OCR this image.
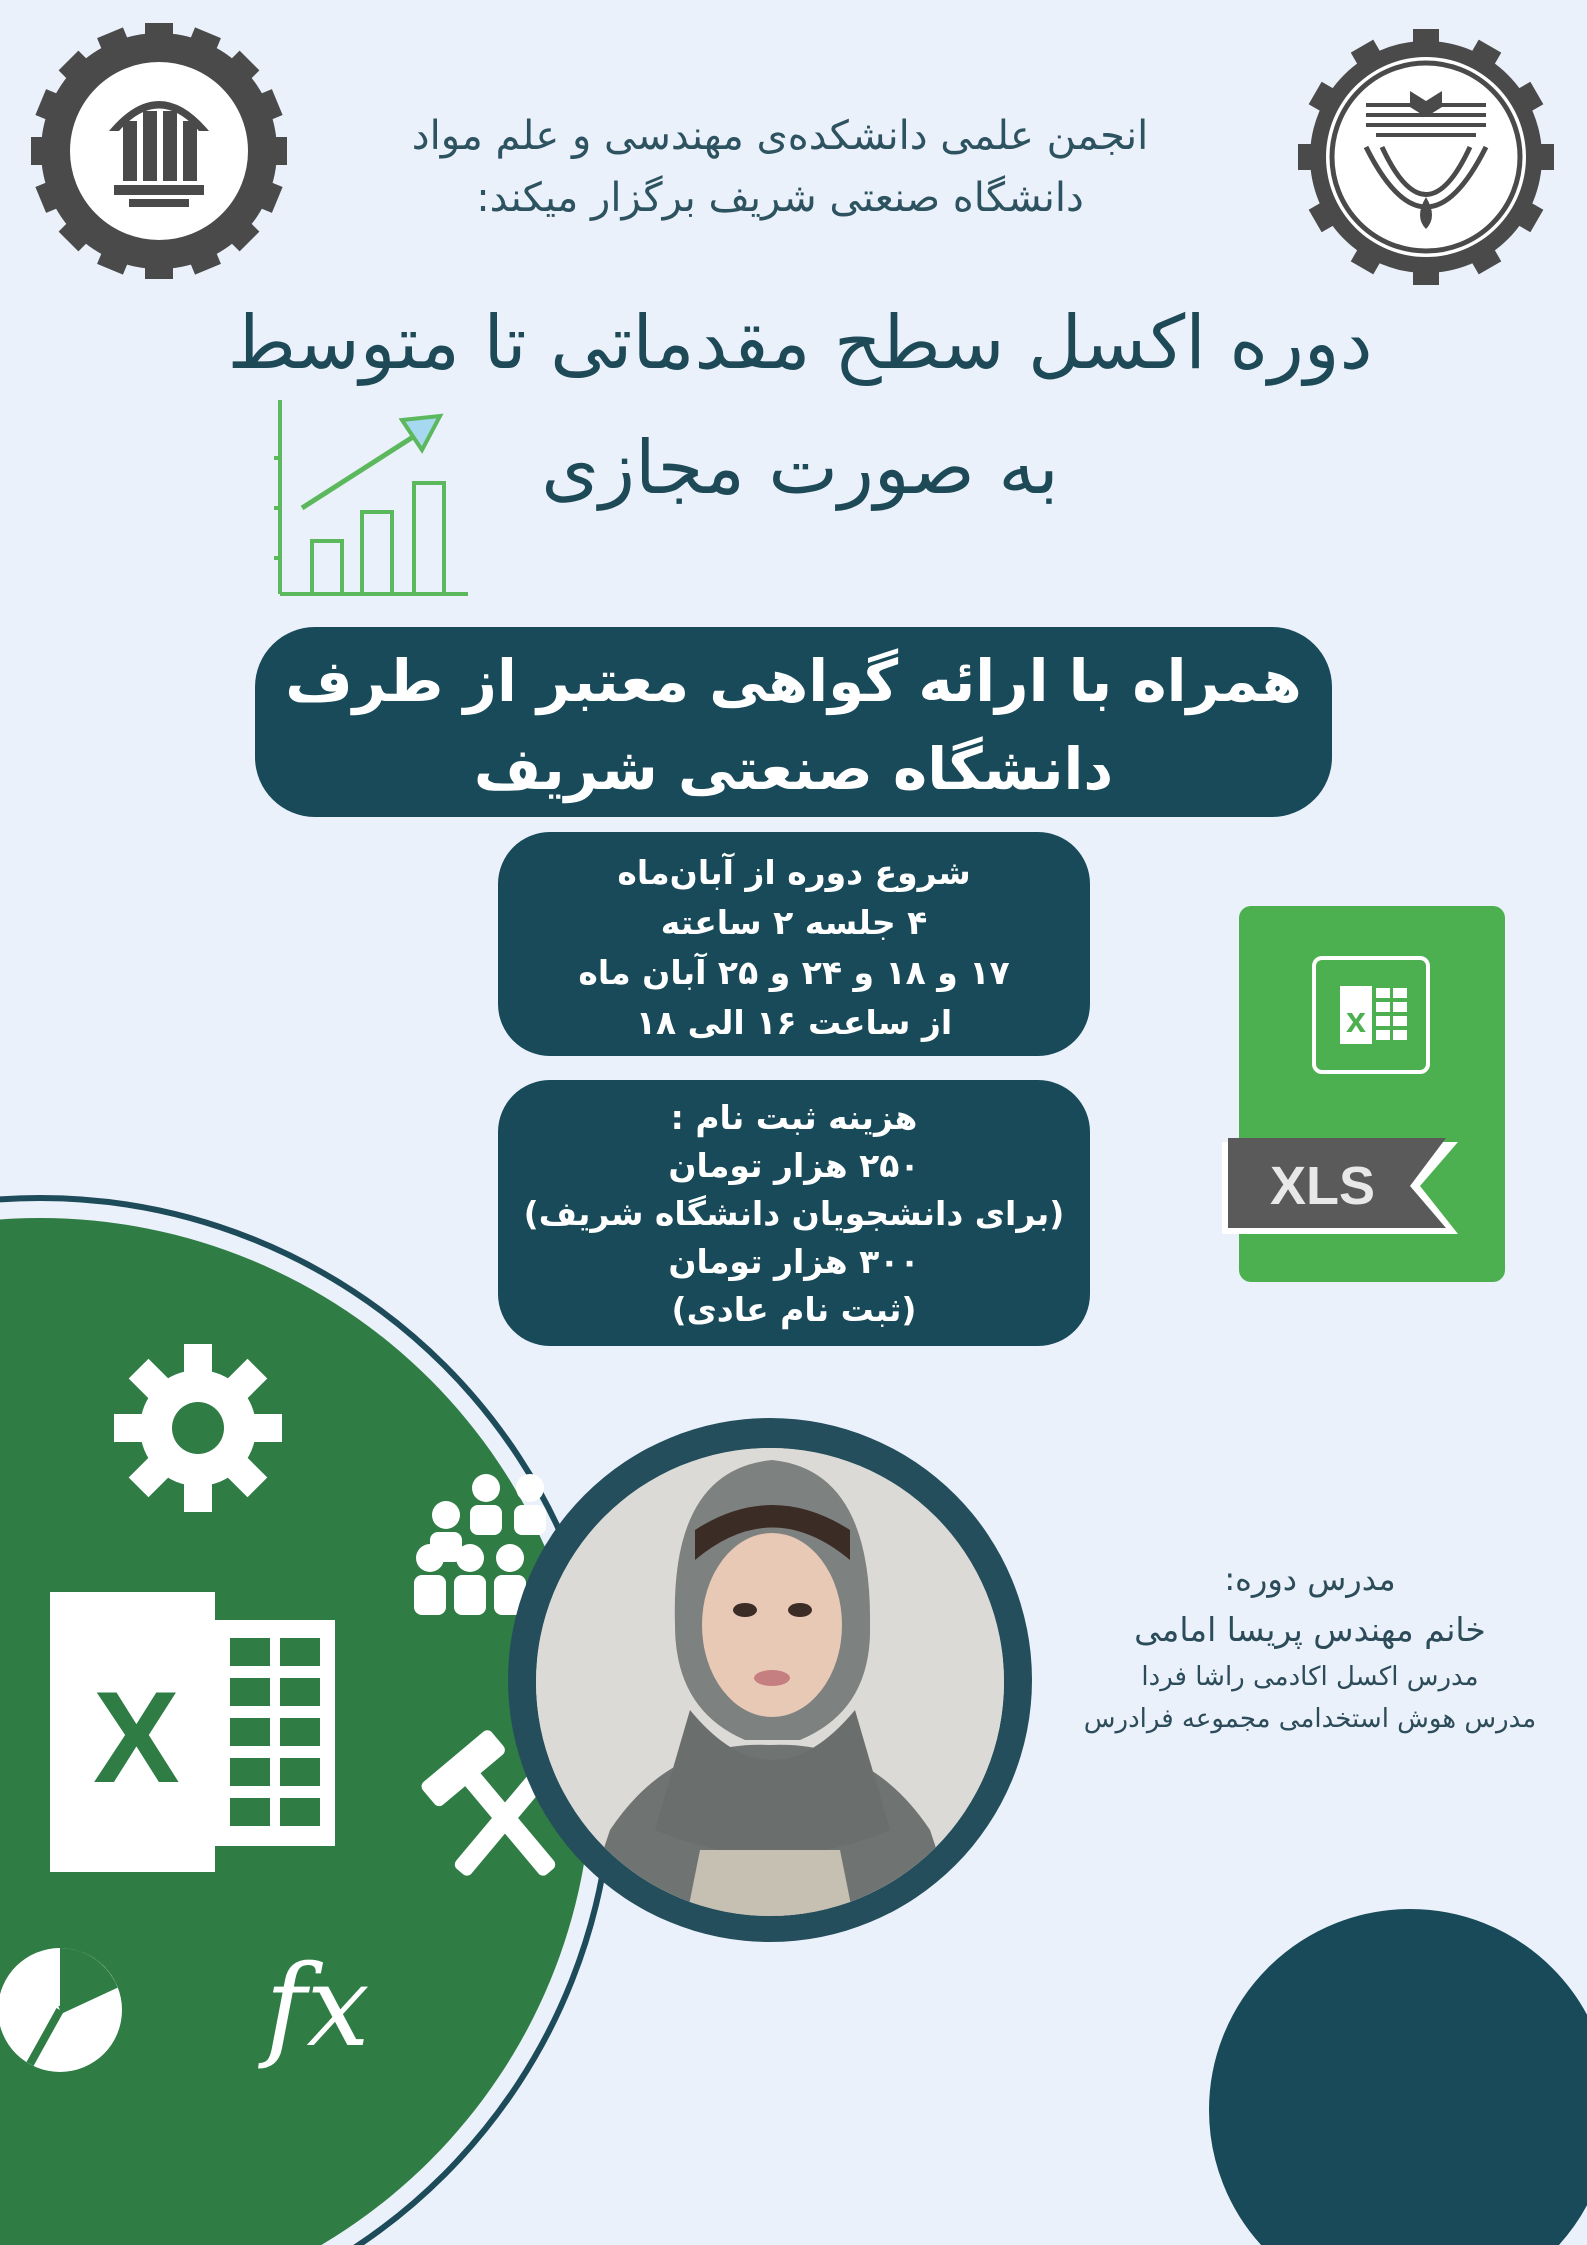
X
fx
انجمن علمی دانشکده‌ی مهندسی و علم مواد
دانشگاه صنعتی شریف برگزار میکند:
دوره اکسل سطح مقدماتی تا متوسط
به صورت مجازی
همراه با ارائه گواهی معتبر از طرف
دانشگاه صنعتی شریف
شروع دوره از آبان‌ماه
۴ جلسه ۲ ساعته
۱۷ و ۱۸ و ۲۴ و ۲۵ آبان ماه
از ساعت ۱۶ الی ۱۸
هزینه ثبت نام :
۲۵۰ هزار تومان
(برای دانشجویان دانشگاه شریف)
۳۰۰ هزار تومان
(ثبت نام عادی)
x
XLS
مدرس دوره:
خانم مهندس پریسا امامی
مدرس اکسل اکادمی راشا فردا
مدرس هوش استخدامی مجموعه فرادرس
